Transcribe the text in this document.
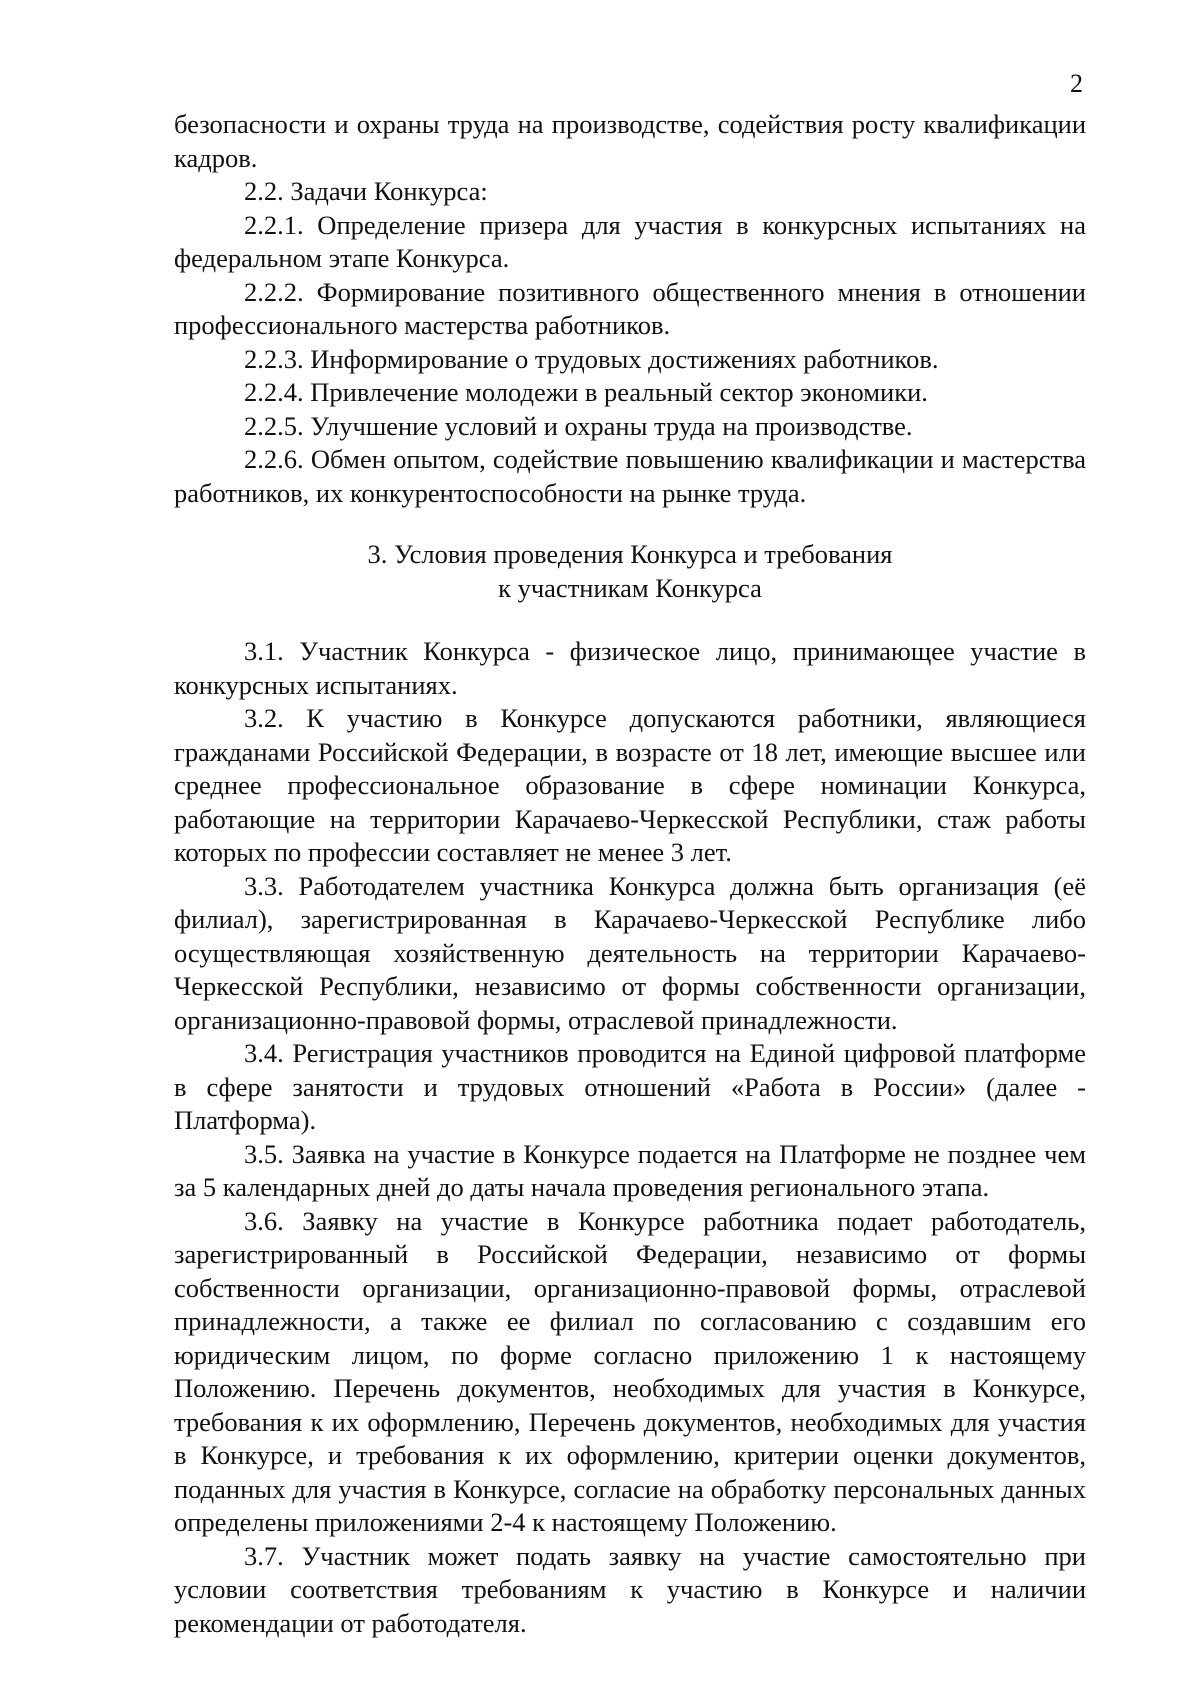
2

безопасности и охраны труда на производстве, содействия росту квалификации кадров.

2.2. Задачи Конкурса:

2.2.1. Определение призера для участия в конкурсных испытаниях на федеральном этапе Конкурса.

2.2.2. Формирование позитивного общественного мнения в отношении профессионального мастерства работников.

2.2.3. Информирование о трудовых достижениях работников.

2.2.4. Привлечение молодежи в реальный сектор экономики.

2.2.5. Улучшение условий и охраны труда на производстве.

2.2.6. Обмен опытом, содействие повышению квалификации и мастерства работников, их конкурентоспособности на рынке труда.

3. Условия проведения Конкурса и требования
к участникам Конкурса

3.1. Участник Конкурса - физическое лицо, принимающее участие в конкурсных испытаниях.

3.2. К участию в Конкурсе допускаются работники, являющиеся гражданами Российской Федерации, в возрасте от 18 лет, имеющие высшее или среднее профессиональное образование в сфере номинации Конкурса, работающие на территории Карачаево-Черкесской Республики, стаж работы которых по профессии составляет не менее 3 лет.

3.3. Работодателем участника Конкурса должна быть организация (её филиал), зарегистрированная в Карачаево-Черкесской Республике либо осуществляющая хозяйственную деятельность на территории Карачаево-Черкесской Республики, независимо от формы собственности организации, организационно-правовой формы, отраслевой принадлежности.

3.4. Регистрация участников проводится на Единой цифровой платформе в сфере занятости и трудовых отношений «Работа в России» (далее - Платформа).

3.5. Заявка на участие в Конкурсе подается на Платформе не позднее чем за 5 календарных дней до даты начала проведения регионального этапа.

3.6. Заявку на участие в Конкурсе работника подает работодатель, зарегистрированный в Российской Федерации, независимо от формы собственности организации, организационно-правовой формы, отраслевой принадлежности, а также ее филиал по согласованию с создавшим его юридическим лицом, по форме согласно приложению 1 к настоящему Положению. Перечень документов, необходимых для участия в Конкурсе, требования к их оформлению, Перечень документов, необходимых для участия в Конкурсе, и требования к их оформлению, критерии оценки документов, поданных для участия в Конкурсе, согласие на обработку персональных данных определены приложениями 2-4 к настоящему Положению.

3.7. Участник может подать заявку на участие самостоятельно при условии соответствия требованиям к участию в Конкурсе и наличии рекомендации от работодателя.
